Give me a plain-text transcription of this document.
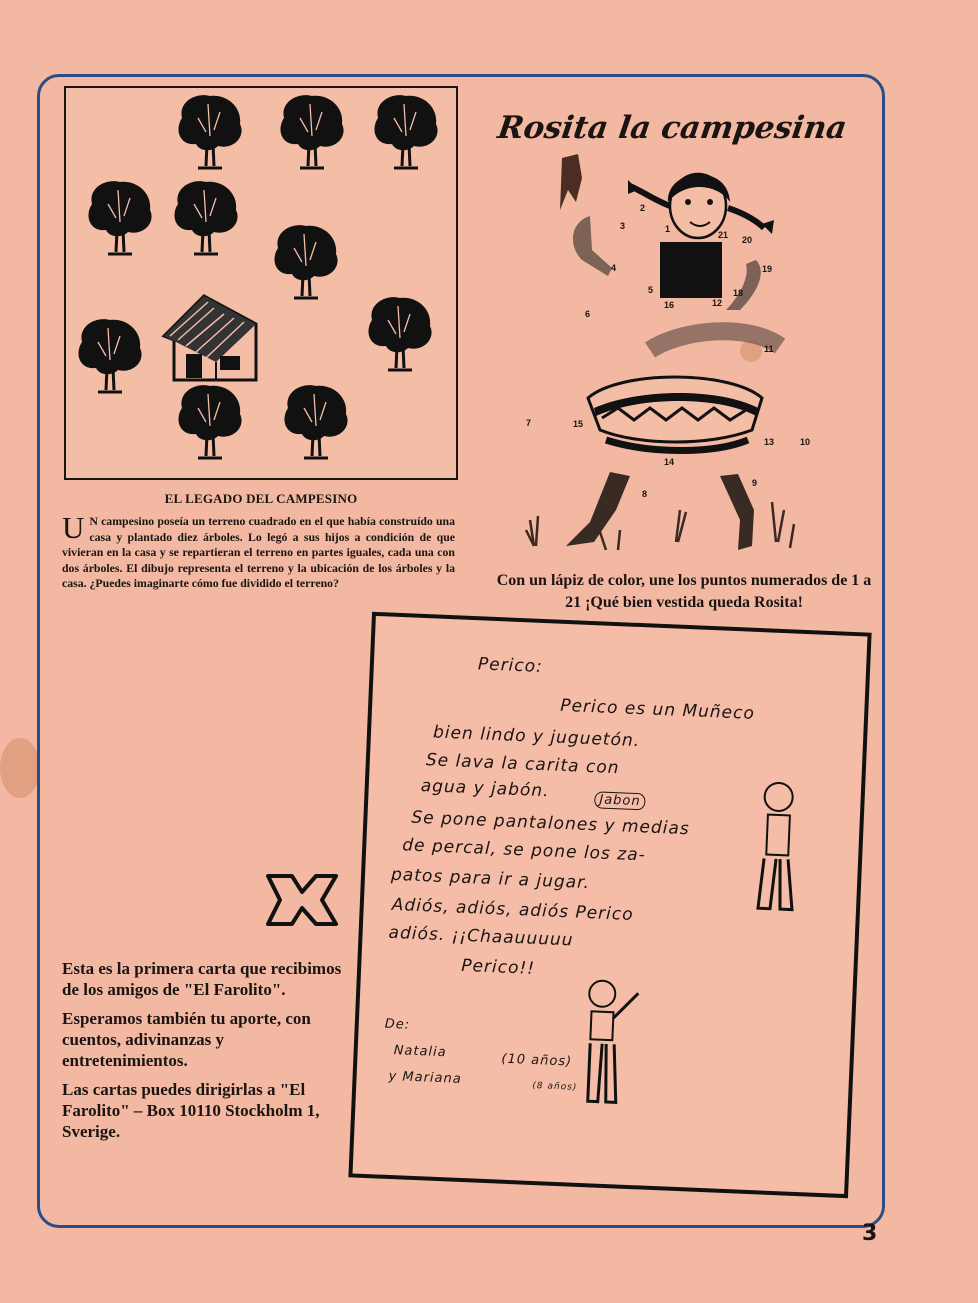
EL LEGADO DEL CAMPESINO
U N campesino poseía un terreno cuadrado en el que había construído una casa y plantado diez árboles. Lo legó a sus hijos a condición de que vivieran en la casa y se repartieran el terreno en partes iguales, cada una con dos árboles. El dibujo representa el terreno y la ubicación de los árboles y la casa. ¿Puedes imaginarte cómo fue dividido el terreno?
Rosita la campesina
1
2
3
4
5
6
7
8
9
10
11
12
13
14
15
16
17 18
19
20
21
Con un lápiz de color, une los puntos numerados de 1 a 21 ¡Qué bien vestida queda Rosita!
Perico:
Perico es un Muñeco
bien lindo y juguetón.
Se lava la carita con
agua y jabón.	Jabon
Se pone pantalones y medias
de percal, se pone los za-
patos para ir a jugar.
Adiós, adiós, adiós Perico
adiós. ¡¡Chaauuuuu
Perico!!
De:
Natalia	(10 años)
y Mariana	(8 años)

Esta es la primera carta que recibimos de los amigos de "El Farolito".

Esperamos también tu aporte, con cuentos, adivinanzas y entretenimientos.

Las cartas puedes dirigirlas a "El Farolito" – Box 10110 Stockholm 1, Sverige.

3
